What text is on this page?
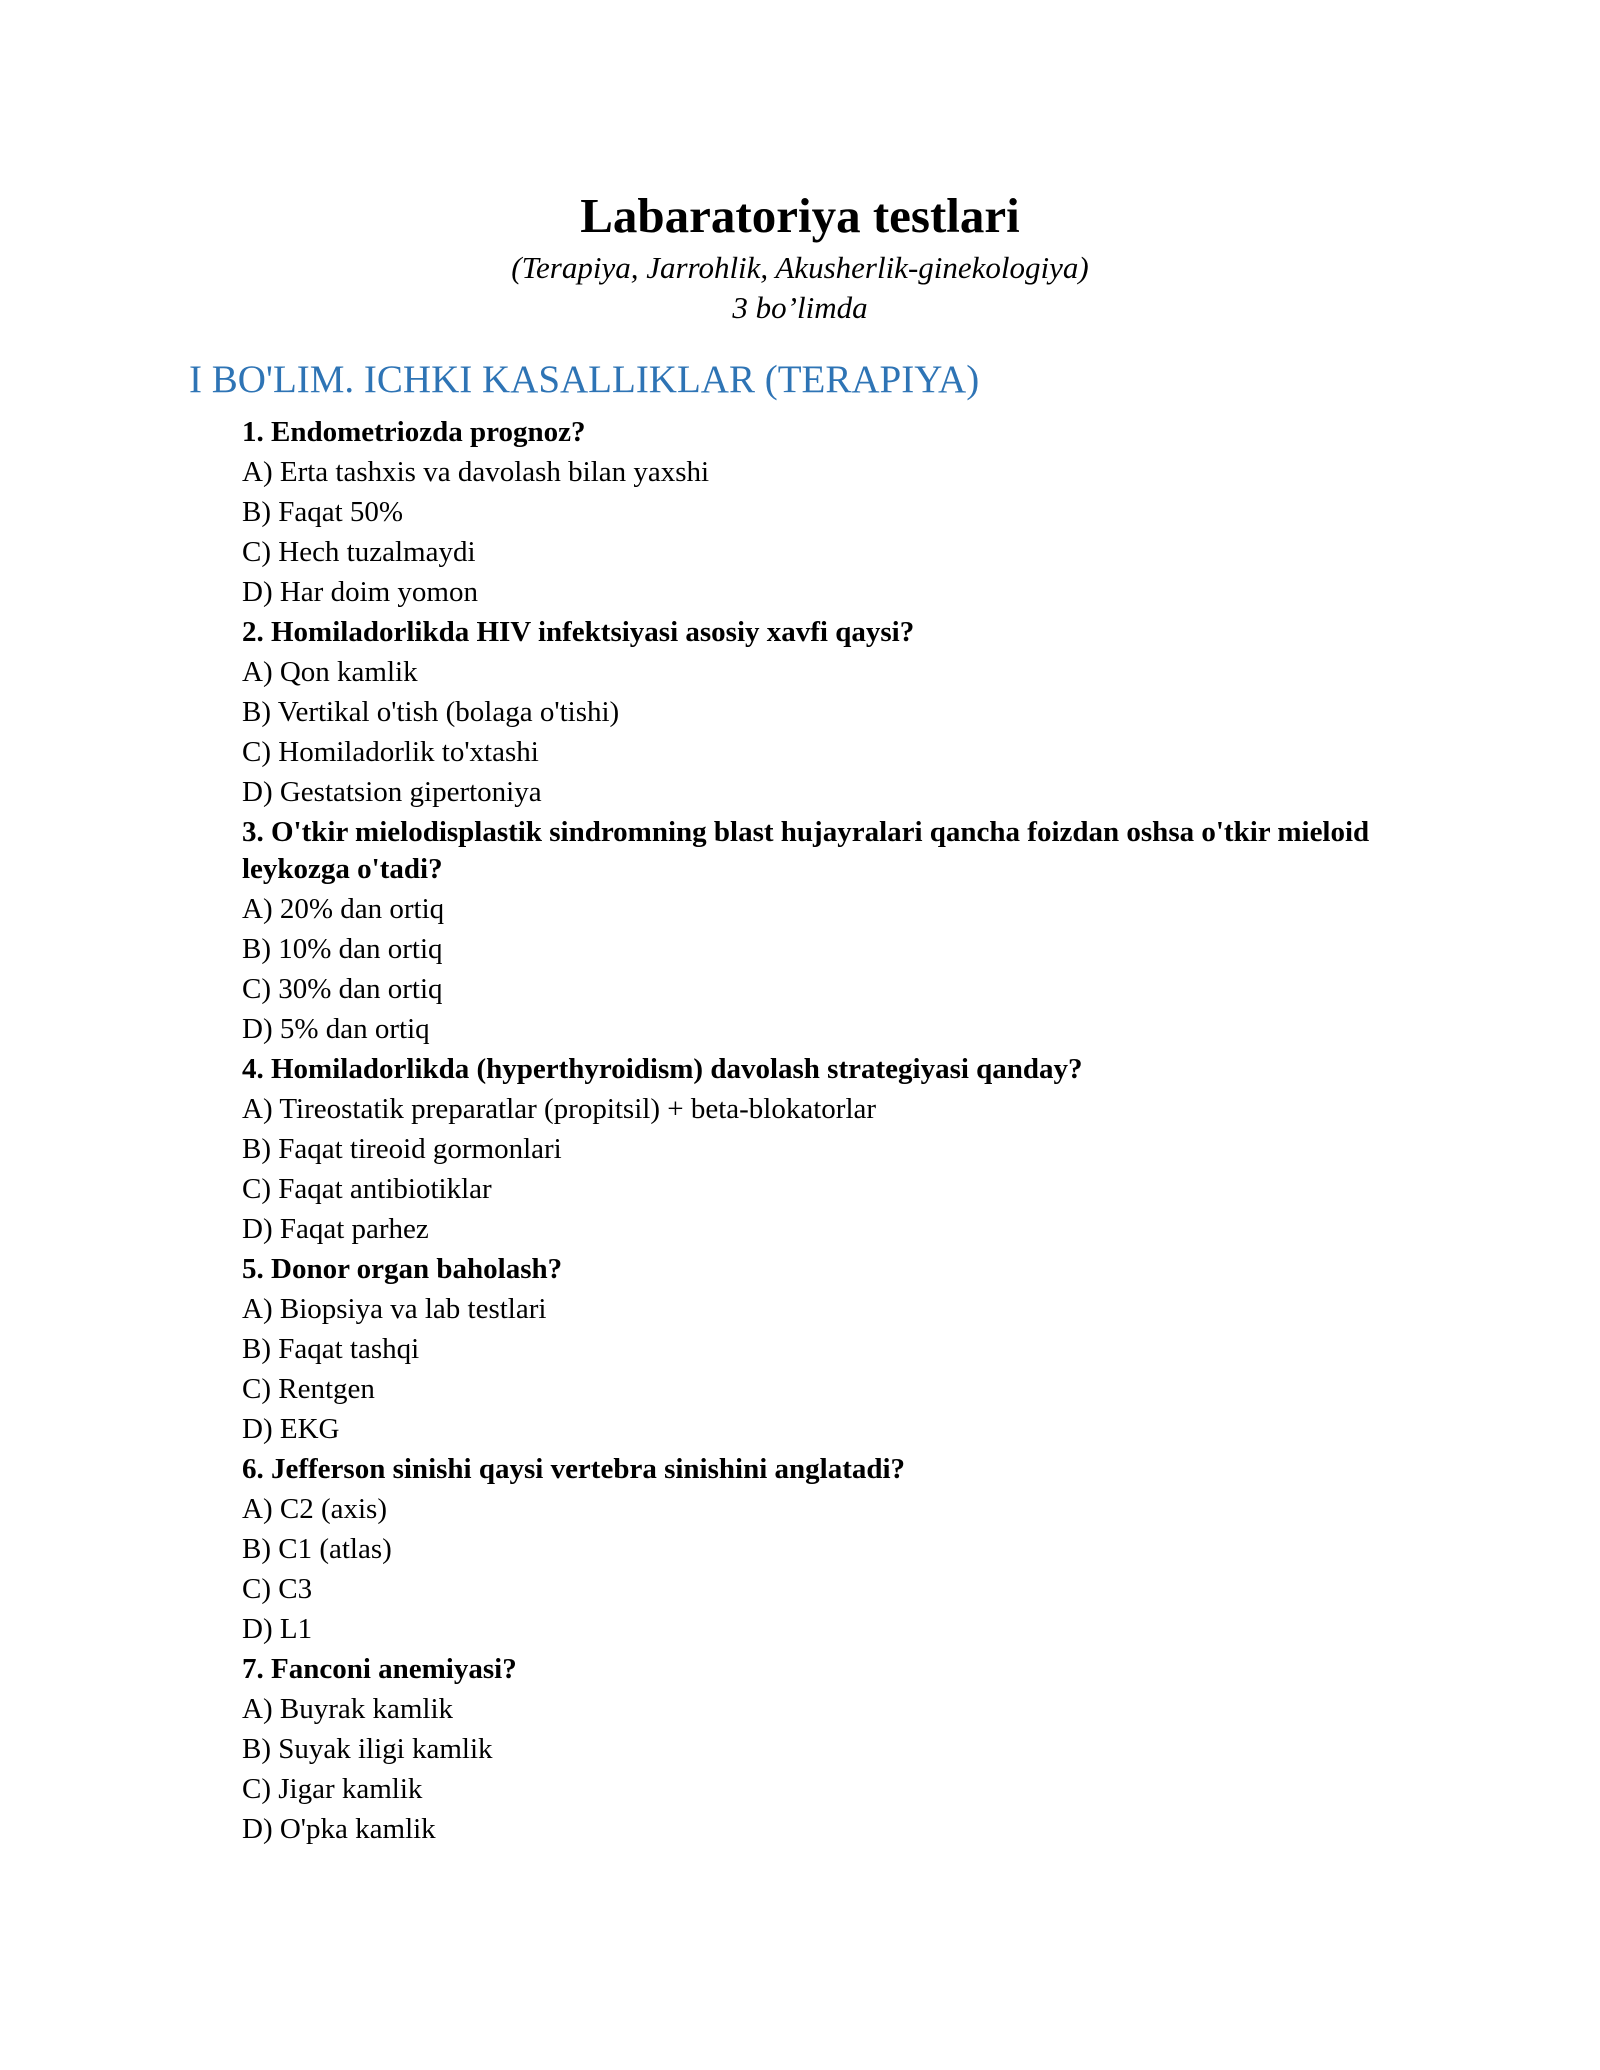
Labaratoriya testlari

(Terapiya, Jarrohlik, Akusherlik-ginekologiya)

3 bo’limda

I BO'LIM. ICHKI KASALLIKLAR (TERAPIYA)
1. Endometriozda prognoz?
A) Erta tashxis va davolash bilan yaxshi
B) Faqat 50%
C) Hech tuzalmaydi
D) Har doim yomon
2. Homiladorlikda HIV infektsiyasi asosiy xavfi qaysi?
A) Qon kamlik
B) Vertikal o'tish (bolaga o'tishi)
C) Homiladorlik to'xtashi
D) Gestatsion gipertoniya
3. O'tkir mielodisplastik sindromning blast hujayralari qancha foizdan oshsa o'tkir mieloid leykozga o'tadi?
A) 20% dan ortiq
B) 10% dan ortiq
C) 30% dan ortiq
D) 5% dan ortiq
4. Homiladorlikda (hyperthyroidism) davolash strategiyasi qanday?
A) Tireostatik preparatlar (propitsil) + beta-blokatorlar
B) Faqat tireoid gormonlari
C) Faqat antibiotiklar
D) Faqat parhez
5. Donor organ baholash?
A) Biopsiya va lab testlari
B) Faqat tashqi
C) Rentgen
D) EKG
6. Jefferson sinishi qaysi vertebra sinishini anglatadi?
A) C2 (axis)
B) C1 (atlas)
C) C3
D) L1
7. Fanconi anemiyasi?
A) Buyrak kamlik
B) Suyak iligi kamlik
C) Jigar kamlik
D) O'pka kamlik
